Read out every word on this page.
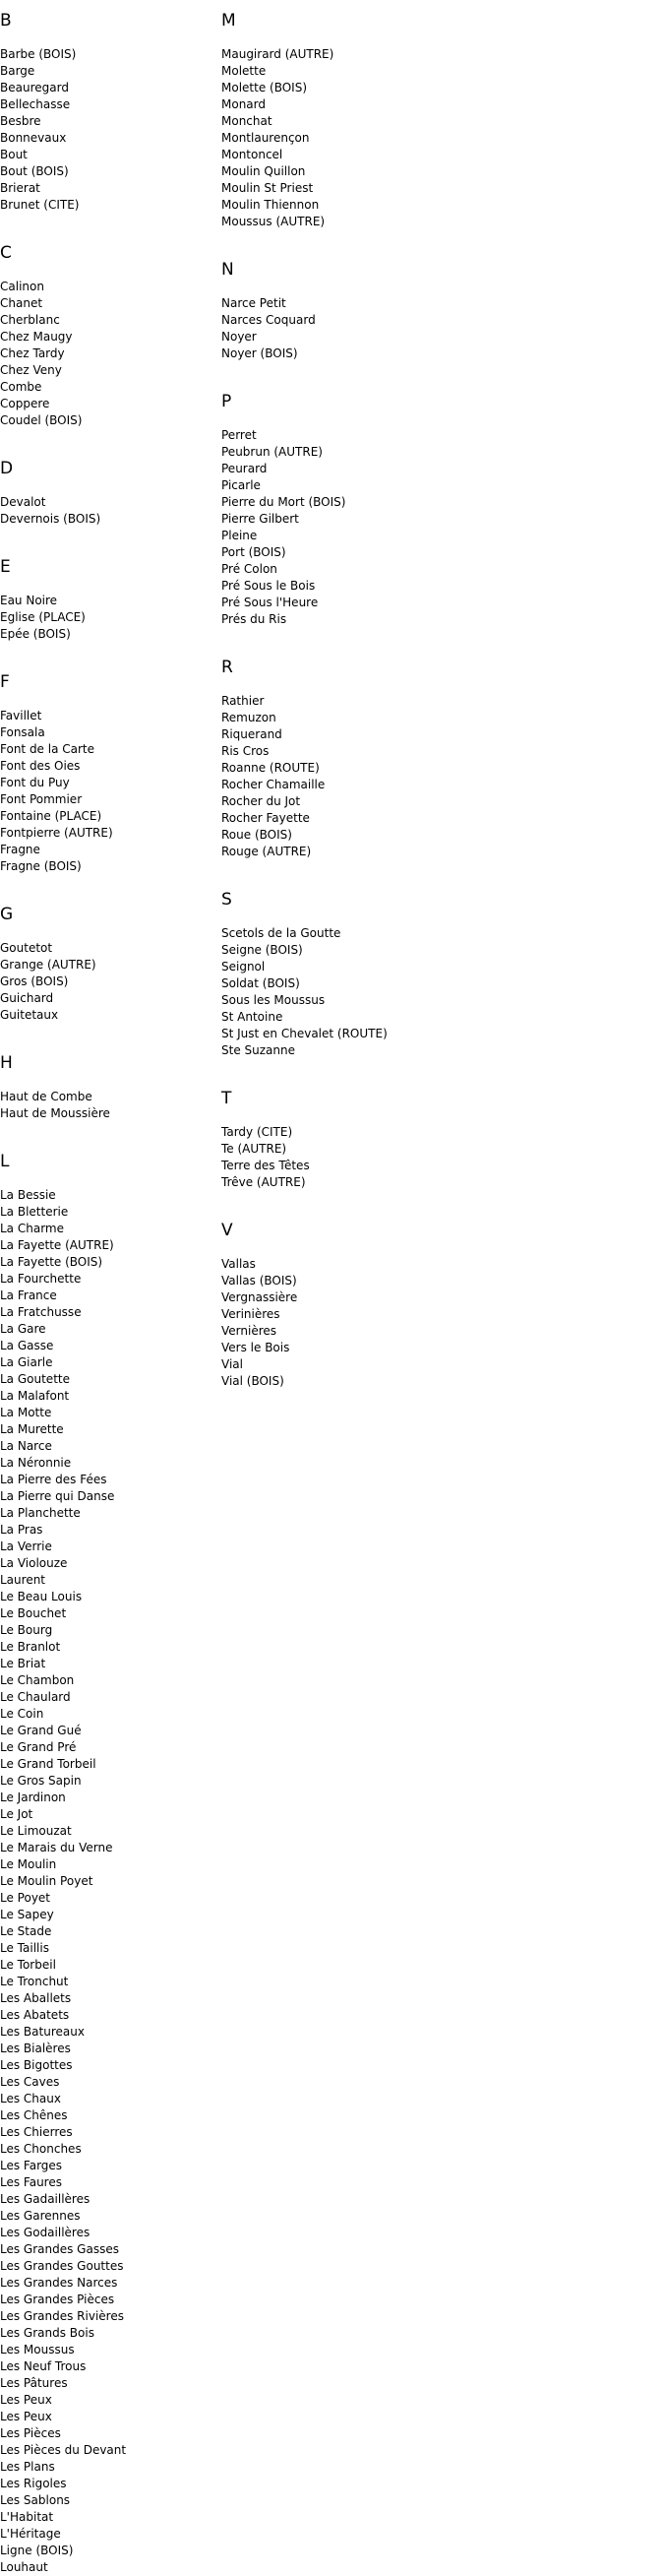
B
Barbe (BOIS)
Barge
Beauregard
Bellechasse
Besbre
Bonnevaux
Bout
Bout (BOIS)
Brierat
Brunet (CITE)
C
Calinon
Chanet
Cherblanc
Chez Maugy
Chez Tardy
Chez Veny
Combe
Coppere
Coudel (BOIS)
D
Devalot
Devernois (BOIS)
E
Eau Noire
Eglise (PLACE)
Epée (BOIS)
F
Favillet
Fonsala
Font de la Carte
Font des Oies
Font du Puy
Font Pommier
Fontaine (PLACE)
Fontpierre (AUTRE)
Fragne
Fragne (BOIS)
G
Goutetot
Grange (AUTRE)
Gros (BOIS)
Guichard
Guitetaux
H
Haut de Combe
Haut de Moussière
L
La Bessie
La Bletterie
La Charme
La Fayette (AUTRE)
La Fayette (BOIS)
La Fourchette
La France
La Fratchusse
La Gare
La Gasse
La Giarle
La Goutette
La Malafont
La Motte
La Murette
La Narce
La Néronnie
La Pierre des Fées
La Pierre qui Danse
La Planchette
La Pras
La Verrie
La Violouze
Laurent
Le Beau Louis
Le Bouchet
Le Bourg
Le Branlot
Le Briat
Le Chambon
Le Chaulard
Le Coin
Le Grand Gué
Le Grand Pré
Le Grand Torbeil
Le Gros Sapin
Le Jardinon
Le Jot
Le Limouzat
Le Marais du Verne
Le Moulin
Le Moulin Poyet
Le Poyet
Le Sapey
Le Stade
Le Taillis
Le Torbeil
Le Tronchut
Les Aballets
Les Abatets
Les Batureaux
Les Bialères
Les Bigottes
Les Caves
Les Chaux
Les Chênes
Les Chierres
Les Chonches
Les Farges
Les Faures
Les Gadaillères
Les Garennes
Les Godaillères
Les Grandes Gasses
Les Grandes Gouttes
Les Grandes Narces
Les Grandes Pièces
Les Grandes Rivières
Les Grands Bois
Les Moussus
Les Neuf Trous
Les Pâtures
Les Peux
Les Peux
Les Pièces
Les Pièces du Devant
Les Plans
Les Rigoles
Les Sablons
L'Habitat
L'Héritage
Ligne (BOIS)
Louhaut
M
Maugirard (AUTRE)
Molette
Molette (BOIS)
Monard
Monchat
Montlaurençon
Montoncel
Moulin Quillon
Moulin St Priest
Moulin Thiennon
Moussus (AUTRE)
N
Narce Petit
Narces Coquard
Noyer
Noyer (BOIS)
P
Perret
Peubrun (AUTRE)
Peurard
Picarle
Pierre du Mort (BOIS)
Pierre Gilbert
Pleine
Port (BOIS)
Pré Colon
Pré Sous le Bois
Pré Sous l'Heure
Prés du Ris
R
Rathier
Remuzon
Riquerand
Ris Cros
Roanne (ROUTE)
Rocher Chamaille
Rocher du Jot
Rocher Fayette
Roue (BOIS)
Rouge (AUTRE)
S
Scetols de la Goutte
Seigne (BOIS)
Seignol
Soldat (BOIS)
Sous les Moussus
St Antoine
St Just en Chevalet (ROUTE)
Ste Suzanne
T
Tardy (CITE)
Te (AUTRE)
Terre des Têtes
Trêve (AUTRE)
V
Vallas
Vallas (BOIS)
Vergnassière
Verinières
Vernières
Vers le Bois
Vial
Vial (BOIS)
